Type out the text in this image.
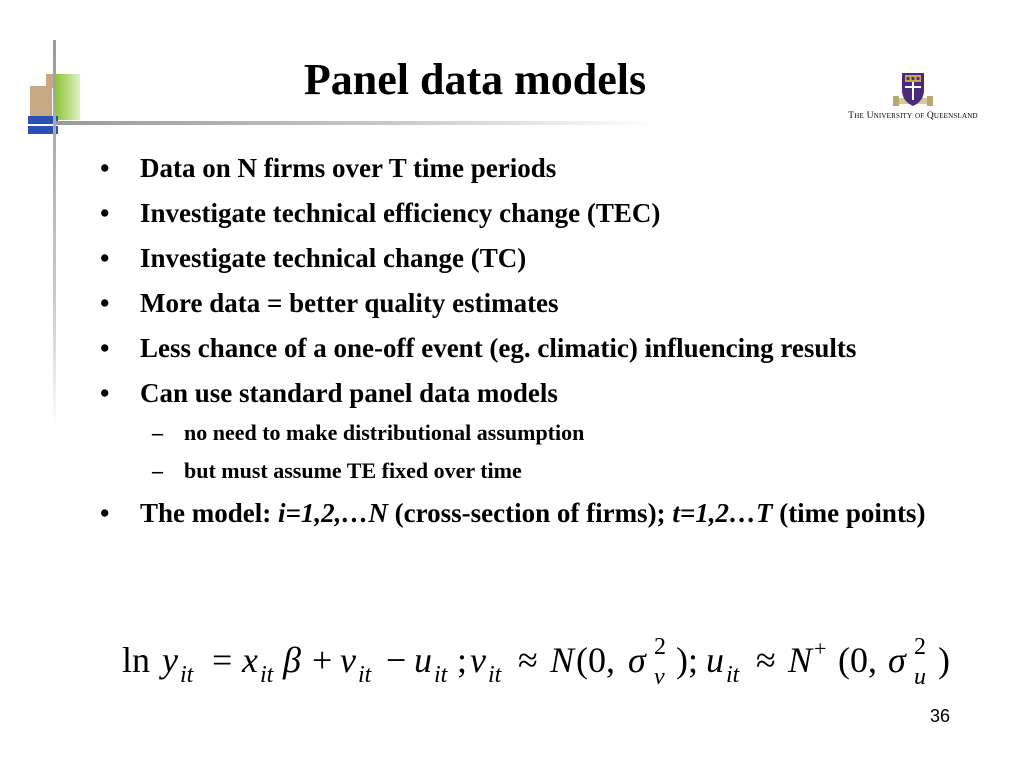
Panel data models
The University of Queensland
• Data on N firms over T time periods
• Investigate technical efficiency change (TEC)
• Investigate technical change (TC)
• More data = better quality estimates
• Less chance of a one-off event (eg. climatic) influencing results
• Can use standard panel data models
– no need to make distributional assumption
– but must assume TE fixed over time
• The model: i=1,2,…N (cross-section of firms); t=1,2…T (time points)
ln y it = x it β + v it − u it ; v it ≈ N (0, σ 2
v ); u it ≈ N + (0, σ 2
u )
36
